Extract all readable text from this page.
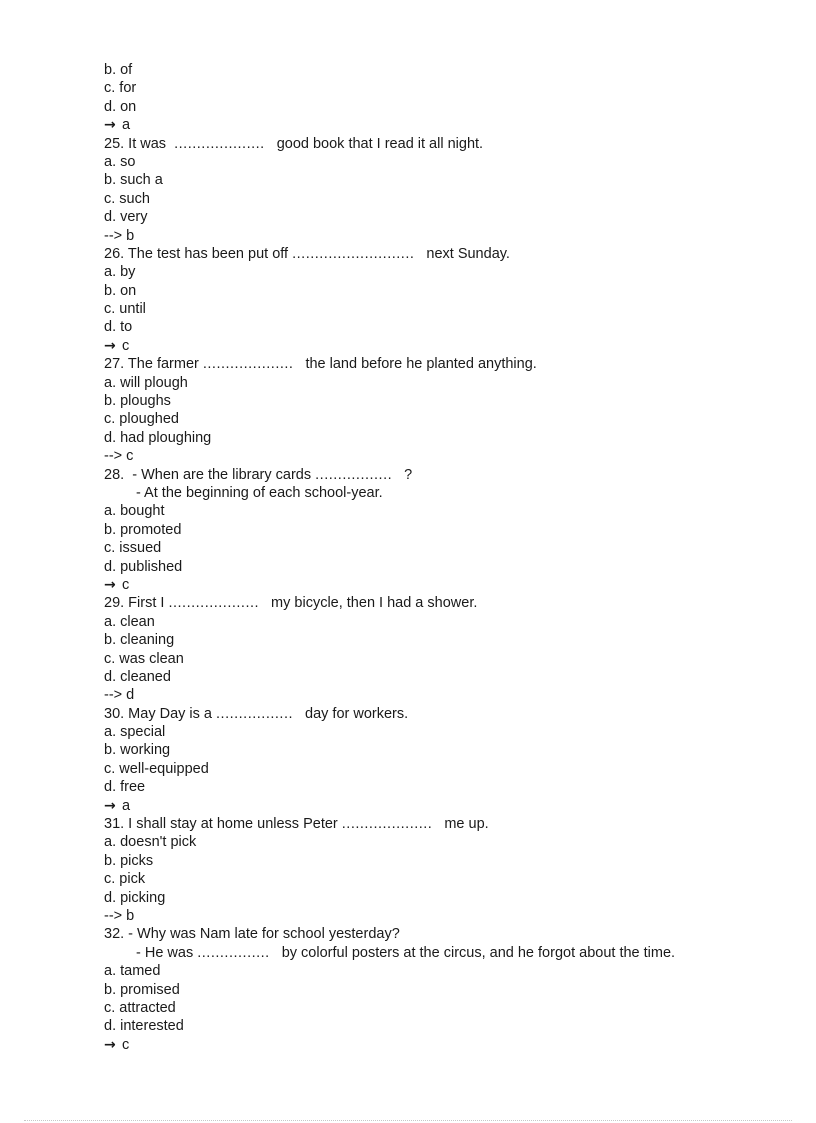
b. of
c. for
d. on
→ a
25. It was  .................... good book that I read it all night.
a. so
b. such a
c. such
d. very
--> b
26. The test has been put off ........................... next Sunday.
a. by
b. on
c. until
d. to
→ c
27. The farmer .................... the land before he planted anything.
a. will plough
b. ploughs
c. ploughed
d. had ploughing
--> c
28.  - When are the library cards ................. ?
- At the beginning of each school-year.
a. bought
b. promoted
c. issued
d. published
→ c
29. First I .................... my bicycle, then I had a shower.
a. clean
b. cleaning
c. was clean
d. cleaned
--> d
30. May Day is a ................. day for workers.
a. special
b. working
c. well-equipped
d. free
→ a
31. I shall stay at home unless Peter .................... me up.
a. doesn't pick
b. picks
c. pick
d. picking
--> b
32. - Why was Nam late for school yesterday?
- He was ................ by colorful posters at the circus, and he forgot about the time.
a. tamed
b. promised
c. attracted
d. interested
→ c
